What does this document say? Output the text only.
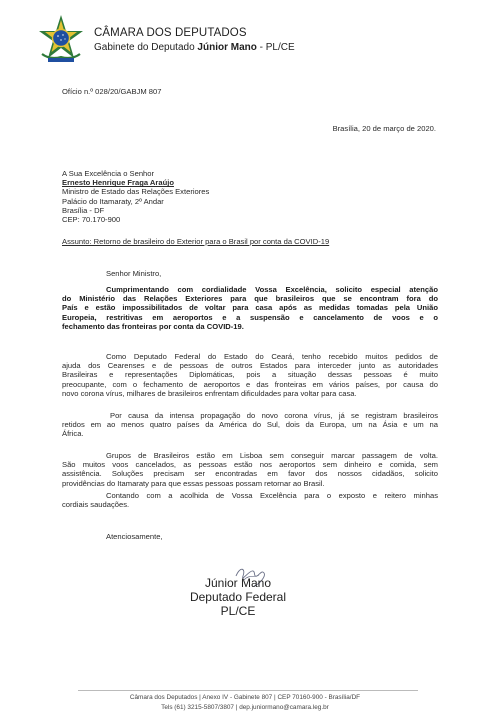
CÂMARA DOS DEPUTADOS
Gabinete do Deputado Júnior Mano - PL/CE
Ofício n.º 028/20/GABJM 807
Brasília, 20 de março de 2020.
A Sua Excelência o Senhor
Ernesto Henrique Fraga Araújo
Ministro de Estado das Relações Exteriores
Palácio do Itamaraty, 2º Andar
Brasília - DF
CEP: 70.170-900
Assunto: Retorno de brasileiro do Exterior para o Brasil por conta da COVID-19
Senhor Ministro,
Cumprimentando com cordialidade Vossa Excelência, solicito especial atenção
do Ministério das Relações Exteriores para que brasileiros que se encontram fora do
País e estão impossibilitados de voltar para casa após as medidas tomadas pela União
Europeia, restritivas em aeroportos e a suspensão e cancelamento de voos e o
fechamento das fronteiras por conta da COVID-19.
Como Deputado Federal do Estado do Ceará, tenho recebido muitos pedidos de
ajuda dos Cearenses e de pessoas de outros Estados para interceder junto as autoridades
Brasileiras e representações Diplomáticas, pois a situação dessas pessoas é muito
preocupante, com o fechamento de aeroportos e das fronteiras em vários países, por causa do
novo corona vírus, milhares de brasileiros enfrentam dificuldades para voltar para casa.
Por causa da intensa propagação do novo corona vírus, já se registram brasileiros
retidos em ao menos quatro países da América do Sul, dois da Europa, um na Ásia e um na
África.
Grupos de Brasileiros estão em Lisboa sem conseguir marcar passagem de volta.
São muitos voos cancelados, as pessoas estão nos aeroportos sem dinheiro e comida, sem
assistência. Soluções precisam ser encontradas em favor dos nossos cidadãos, solicito
providências do Itamaraty para que essas pessoas possam retornar ao Brasil.
Contando com a acolhida de Vossa Excelência para o exposto e reitero minhas
cordiais saudações.
Atenciosamente,
Júnior Mano
Deputado Federal
PL/CE
Câmara dos Deputados | Anexo IV - Gabinete 807 | CEP 70160-900 - Brasília/DF
Tels (61) 3215-5807/3807 | dep.juniormano@camara.leg.br
